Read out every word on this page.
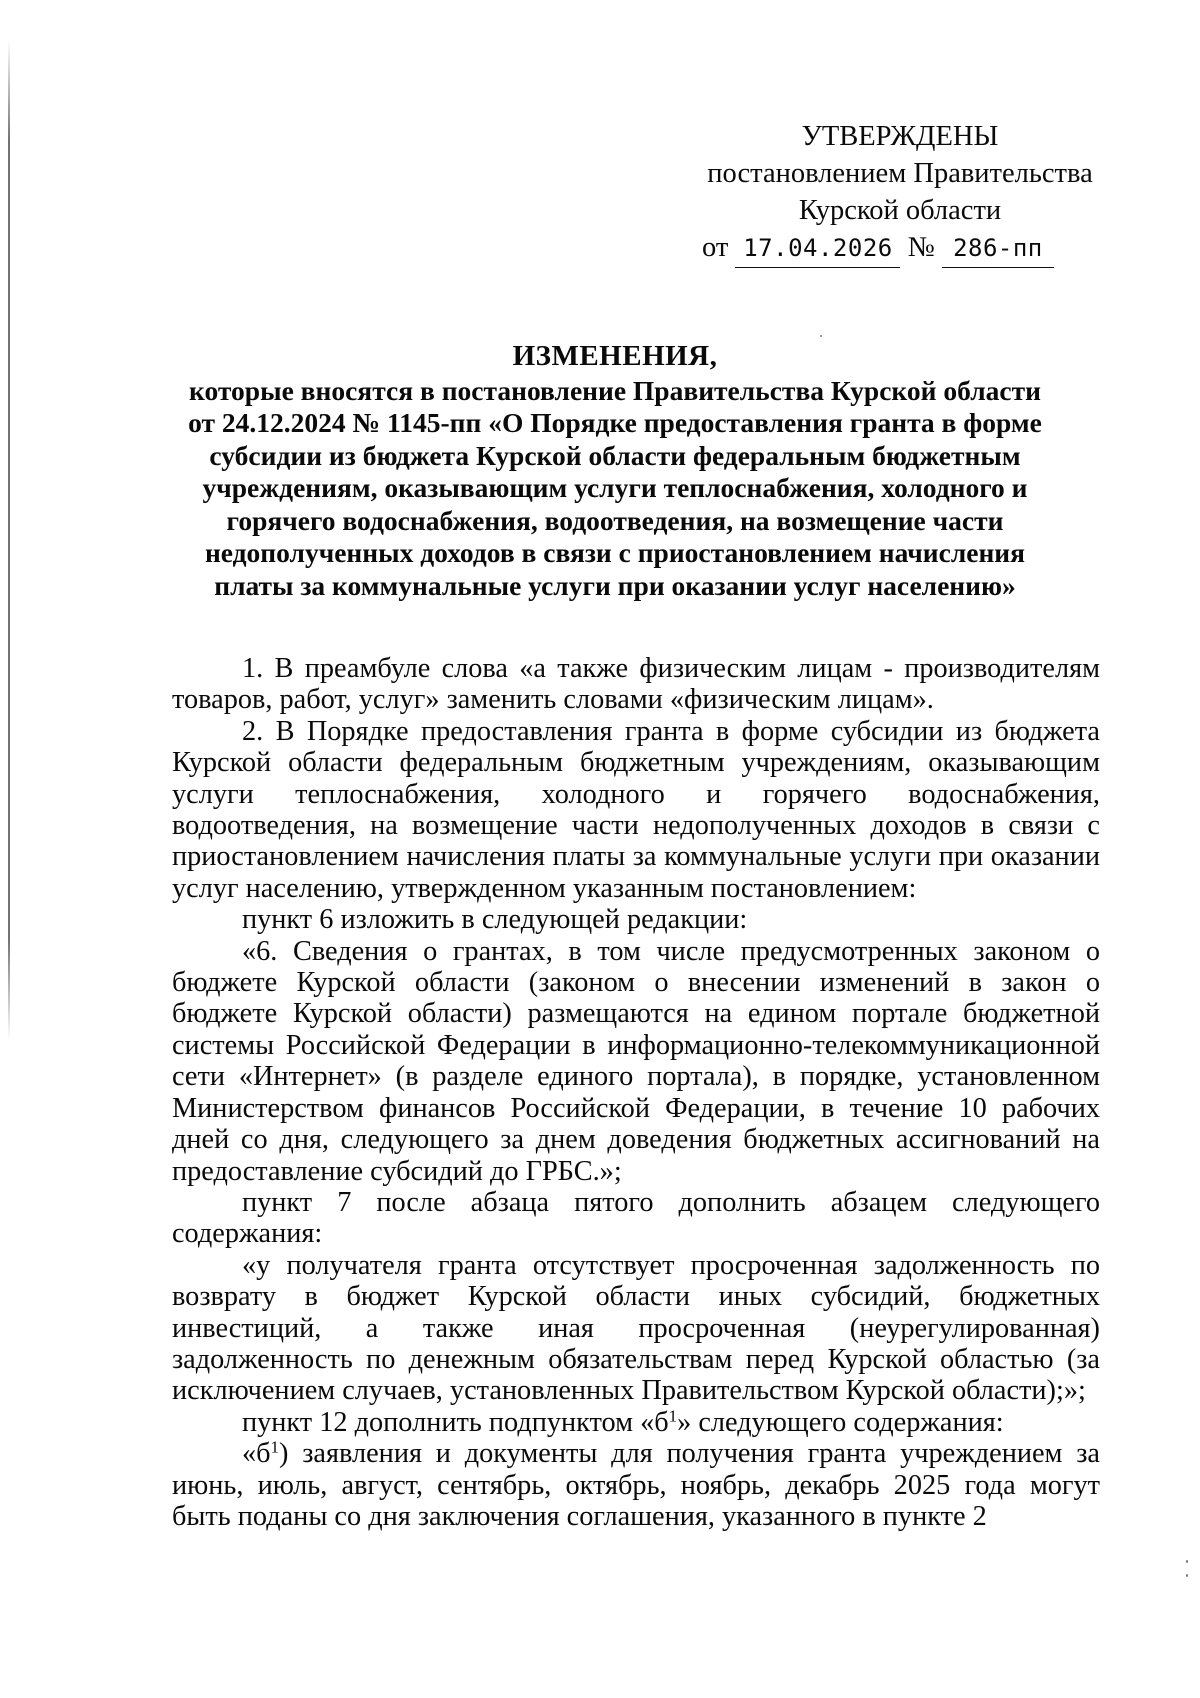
УТВЕРЖДЕНЫ
постановлением Правительства
Курской области
от 17.04.2026 № 286-пп
ИЗМЕНЕНИЯ,
которые вносятся в постановление Правительства Курской области
от 24.12.2024 № 1145-пп «О Порядке предоставления гранта в форме
субсидии из бюджета Курской области федеральным бюджетным
учреждениям, оказывающим услуги теплоснабжения, холодного и
горячего водоснабжения, водоотведения, на возмещение части
недополученных доходов в связи с приостановлением начисления
платы за коммунальные услуги при оказании услуг населению»

1. В преамбуле слова «а также физическим лицам - производителям товаров, работ, услуг» заменить словами «физическим лицам».

2. В Порядке предоставления гранта в форме субсидии из бюджета Курской области федеральным бюджетным учреждениям, оказывающим услуги теплоснабжения, холодного и горячего водоснабжения, водоотведения, на возмещение части недополученных доходов в связи с приостановлением начисления платы за коммунальные услуги при оказании услуг населению, утвержденном указанным постановлением:

пункт 6 изложить в следующей редакции:

«6. Сведения о грантах, в том числе предусмотренных законом о бюджете Курской области (законом о внесении изменений в закон о бюджете Курской области) размещаются на едином портале бюджетной системы Российской Федерации в информационно-телекоммуникационной сети «Интернет» (в разделе единого портала), в порядке, установленном Министерством финансов Российской Федерации, в течение 10 рабочих дней со дня, следующего за днем доведения бюджетных ассигнований на предоставление субсидий до ГРБС.»;

пункт 7 после абзаца пятого дополнить абзацем следующего содержания:

«у получателя гранта отсутствует просроченная задолженность по возврату в бюджет Курской области иных субсидий, бюджетных инвестиций, а также иная просроченная (неурегулированная) задолженность по денежным обязательствам перед Курской областью (за исключением случаев, установленных Правительством Курской области);»;

пункт 12 дополнить подпунктом «$б^1$» следующего содержания:

«$б^1$) заявления и документы для получения гранта учреждением за июнь, июль, август, сентябрь, октябрь, ноябрь, декабрь 2025 года могут быть поданы со дня заключения соглашения, указанного в пункте 2
